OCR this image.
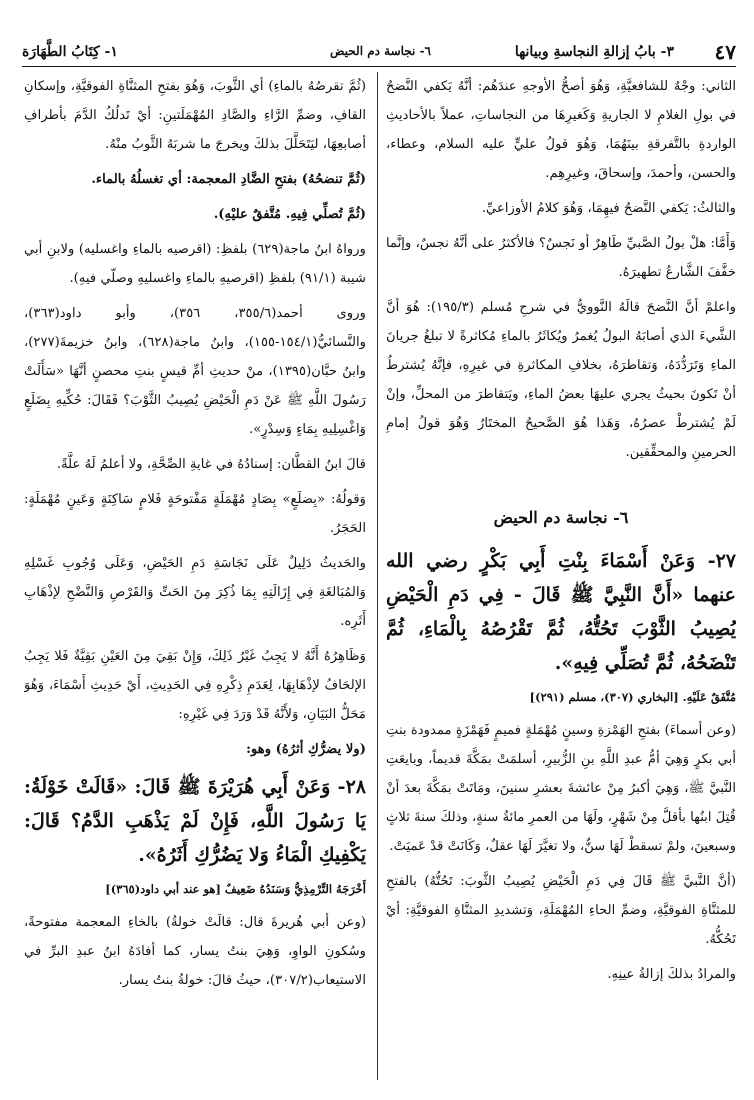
٤٧
٣- بابُ إزالةِ النجاسةِ وبيانها
٦- نجاسة دم الحيض
١- كِتَابُ الطَّهَارَة

الثاني: وجْهٌ للشافعيَّةِ، وَهُوَ أصحُّ الأوجهِ عندَهُم: أنَّهُ يَكفي النَّضحُ في بولِ الغلامِ لا الجاريةِ وَكَغيرِهَا من النجاساتِ، عملاً بالأحاديثِ الواردةِ بالتَّفرقةِ بينَهُمَا، وَهُوَ قولُ عليٍّ عليه السلام، وعطاء، والحسن، وأحمدَ، وإسحاقَ، وغيرِهِم.

والثالثُ: يَكفي النَّضحُ فيهِمَا، وَهُوَ كلامُ الأوزاعيِّ.

وَأَمَّا: هلْ بولُ الصَّبيِّ طَاهِرٌ أو نَجسٌ؟ فالأكثرُ على أنَّهُ نجسٌ، وإنَّما خفَّفَ الشَّارعُ تطهيرَهُ.

واعلمْ أنَّ النَّضحَ قالَهُ النَّوويُّ في شرحِ مُسلم (١٩٥/٣): هُوَ أنَّ الشَّيءَ الذي أصابَهُ البولُ يُغمرُ ويُكاثَرُ بالماءِ مُكاثرةً لا تبلغُ جريانَ الماءِ وَتَرَدُّدَهُ، وَتقاطرَهُ، بخلافِ المكاثرةِ في غيرِهِ، فإنَّهُ يُشترطُ أنْ تَكونَ بحيثُ يجري عليهَا بعضُ الماءِ، ويَتقاطرَ من المحلِّ، وإنْ لَمْ يُشترطْ عصرُهُ، وَهَذا هُوَ الصَّحيحُ المختَارُ وَهُوَ قولُ إمامِ الحرمينِ والمحقِّقين.

٦- نجاسة دم الحيض

٢٧- وَعَنْ أَسْمَاءَ بِنْتِ أَبِي بَكْرٍ رضي الله عنهما «أَنَّ النَّبِيَّ ﷺ قَالَ - فِي دَمِ الْحَيْضِ يُصِيبُ الثَّوْبَ تَحُتُّهُ، ثُمَّ تَقْرُصُهُ بِالْمَاءِ، ثُمَّ تَنْضَحُهُ، ثُمَّ تُصَلِّي فِيهِ».

مُتَّفَقٌ عَلَيْهِ. [البخاري (٣٠٧)، مسلم (٢٩١)]

(وعن أسماءَ) بفتحِ الهَمْزةِ وسينٍ مُهْمَلةٍ فميمٍ فَهَمْزَةٍ ممدودة بنتِ أبي بكرٍ وَهِيَ أمُّ عبدِ اللَّهِ بنِ الزُّبيرِ، أسلمَتْ بمَكَّةَ قديماً، وبايعَتِ النَّبيَّ ﷺ، وَهِيَ أكبرُ مِنْ عائشةَ بعشرِ سنينَ، ومَاتَتْ بمَكَّةَ بعدَ أنْ قُتِلَ ابنُها بأقلَّ مِنْ شَهْرٍ، ولَهَا من العمرِ مائةُ سنةٍ، وذلكَ سنةَ ثلاثٍ وسبعينَ، ولمْ تسقطْ لَهَا سنٌّ، ولا تغيَّرَ لَهَا عقلٌ، وَكَانَتْ قدْ عَميَتْ.

(أنَّ النَّبيَّ ﷺ قَالَ فِي دَمِ الْحَيْضِ يُصِيبُ الثَّوبَ: تَحُتُّهُ) بالفتحِ للمثنَّاةِ الفوقيَّةِ، وضمِّ الحاءِ المُهْمَلَةِ، وَتشديدِ المثنَّاةِ الفوقيَّةِ: أيْ تَحُكُّهُ.

والمرادُ بذلكَ إزالةُ عينِهِ.

(ثُمَّ تقرصُهُ بالماءِ) أي الثَّوبَ، وَهُوَ بفتحِ المثنَّاةِ الفوقيَّةِ، وإسكانِ القافِ، وضمِّ الرَّاءِ والصَّادِ المُهْمَلَتينِ: أيْ تَدلُكُ الدَّمَ بأطرافِ أصابعِهَا، ليَتَحَلَّلَ بذلكَ ويخرجَ ما شربَهُ الثَّوبُ منْهُ.

(ثُمَّ تنضحُهُ) بفتحِ الضَّادِ المعجمة: أي تغسلُهُ بالماء.

(ثُمَّ تُصلِّي فِيهِ. مُتَّفقٌ عليْهِ).

ورواهُ ابنُ ماجة(٦٢٩) بلفظِ: (اقرصيه بالماءِ واغسليه) ولابنِ أبي شيبة (٩١/١) بلفظِ (اقرصيهِ بالماءِ واغسليهِ وصلّي فيهِ).

وروى أحمد(٣٥٥/٦، ٣٥٦)، وأبو داود(٣٦٣)، والنَّسائيُّ(١٥٤/١-١٥٥)، وابنُ ماجة(٦٢٨)، وابنُ خزيمةَ(٢٧٧)، وابنُ حبَّان(١٣٩٥)، منْ حديثِ أمِّ قيسٍ بنتِ محصنٍ أنَّهَا «سَأَلَتْ رَسُولَ اللَّهِ ﷺ عَنْ دَمِ الْحَيْضِ يُصِيبُ الثَّوْبَ؟ فَقَالَ: حُكِّيهِ بِضَلَعٍ وَاغْسِلِيهِ بِمَاءٍ وَسِدْرٍ».

قالَ ابنُ القطَّان: إسنادُهُ في غايةِ الصِّحَّةِ، ولا أعلمُ لَهُ علَّةً.

وَقولُهُ: «بِضلَعٍ» بِصَادٍ مُهْمَلَةٍ مَفْتوحَةٍ فَلامٍ سَاكِنَةٍ وَعَينٍ مُهْمَلَةٍ: الحَجَرُ.

والحَديثُ دَلِيلٌ عَلَى نَجَاسَةِ دَمِ الحَيْضِ، وَعَلَى وُجُوبِ غَسْلِهِ وَالمُبَالغَةِ فِي إِزَالَتِهِ بِمَا ذُكِرَ مِنَ الحَتِّ وَالقَرْصِ وَالنَّضْحِ لإذْهَابِ أَثَرِه.

وَظَاهِرُهُ أَنَّهُ لا يَجِبُ غَيْرُ ذَلِكَ، وَإِنْ بَقِيَ مِنَ العَيْنِ بَقِيَّةٌ فَلا يَجِبُ الإلحَافُ لإذْهَابِهَا، لِعَدَمِ ذِكْرِهِ فِي الحَدِيثِ، أَيْ حَدِيثِ أَسْمَاءَ، وَهُوَ مَحَلُّ البَيَانِ، وَلأَنَّهُ قَدْ وَرَدَ فِي غَيْرِهِ:

(ولا يضرُّكِ أثرُهُ) وهو:

٢٨- وَعَنْ أَبِي هُرَيْرَةَ ﷺ قَالَ: «قَالَتْ خَوْلَةُ: يَا رَسُولَ اللَّهِ، فَإِنْ لَمْ يَذْهَبِ الدَّمُ؟ قَالَ: يَكْفِيكِ الْمَاءُ وَلا يَضُرُّكِ أَثَرُهُ».

أَخْرَجَهُ التِّرْمِذِيُّ وَسَنَدُهُ ضَعِيفٌ [هو عند أبي داود(٣٦٥)]

(وعن أبي هُريرةَ قال: قالَتْ خولةُ) بالخاءِ المعجمة مفتوحةً، وسُكونِ الواوِ، وَهِيَ بنتُ يسار، كما أفادَهُ ابنُ عبدِ البرِّ في الاستيعاب(٣٠٧/٢)، حيثُ قالَ: خولةُ بنتُ يسار.
